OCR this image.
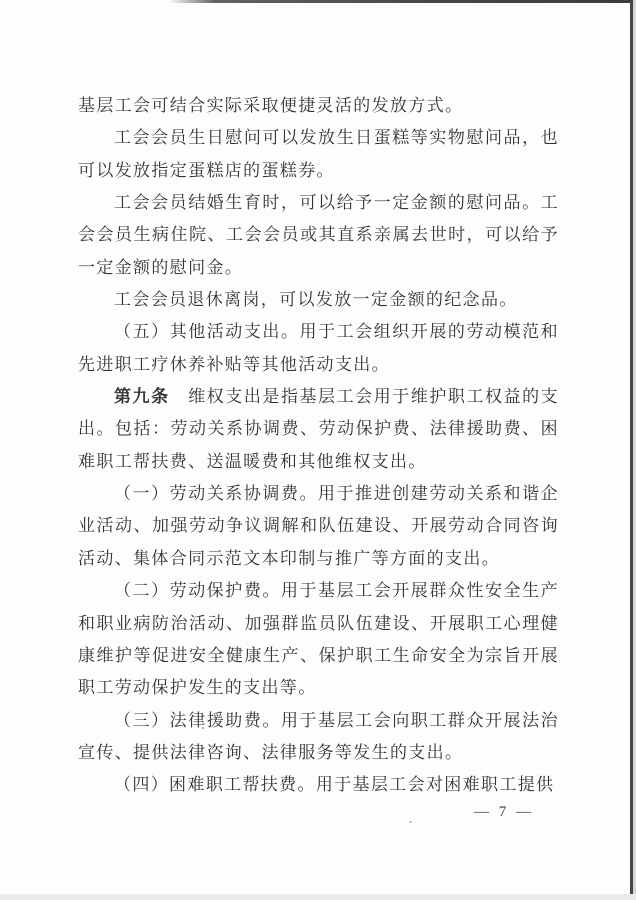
基层工会可结合实际采取便捷灵活的发放方式。
工会会员生日慰问可以发放生日蛋糕等实物慰问品，也
可以发放指定蛋糕店的蛋糕券。
工会会员结婚生育时，可以给予一定金额的慰问品。工
会会员生病住院、工会会员或其直系亲属去世时，可以给予
一定金额的慰问金。
工会会员退休离岗，可以发放一定金额的纪念品。
（五）其他活动支出。用于工会组织开展的劳动模范和
先进职工疗休养补贴等其他活动支出。
第九条　维权支出是指基层工会用于维护职工权益的支
出。包括：劳动关系协调费、劳动保护费、法律援助费、困
难职工帮扶费、送温暖费和其他维权支出。
（一）劳动关系协调费。用于推进创建劳动关系和谐企
业活动、加强劳动争议调解和队伍建设、开展劳动合同咨询
活动、集体合同示范文本印制与推广等方面的支出。
（二）劳动保护费。用于基层工会开展群众性安全生产
和职业病防治活动、加强群监员队伍建设、开展职工心理健
康维护等促进安全健康生产、保护职工生命安全为宗旨开展
职工劳动保护发生的支出等。
（三）法律援助费。用于基层工会向职工群众开展法治
宣传、提供法律咨询、法律服务等发生的支出。
（四）困难职工帮扶费。用于基层工会对困难职工提供
— 7 —
